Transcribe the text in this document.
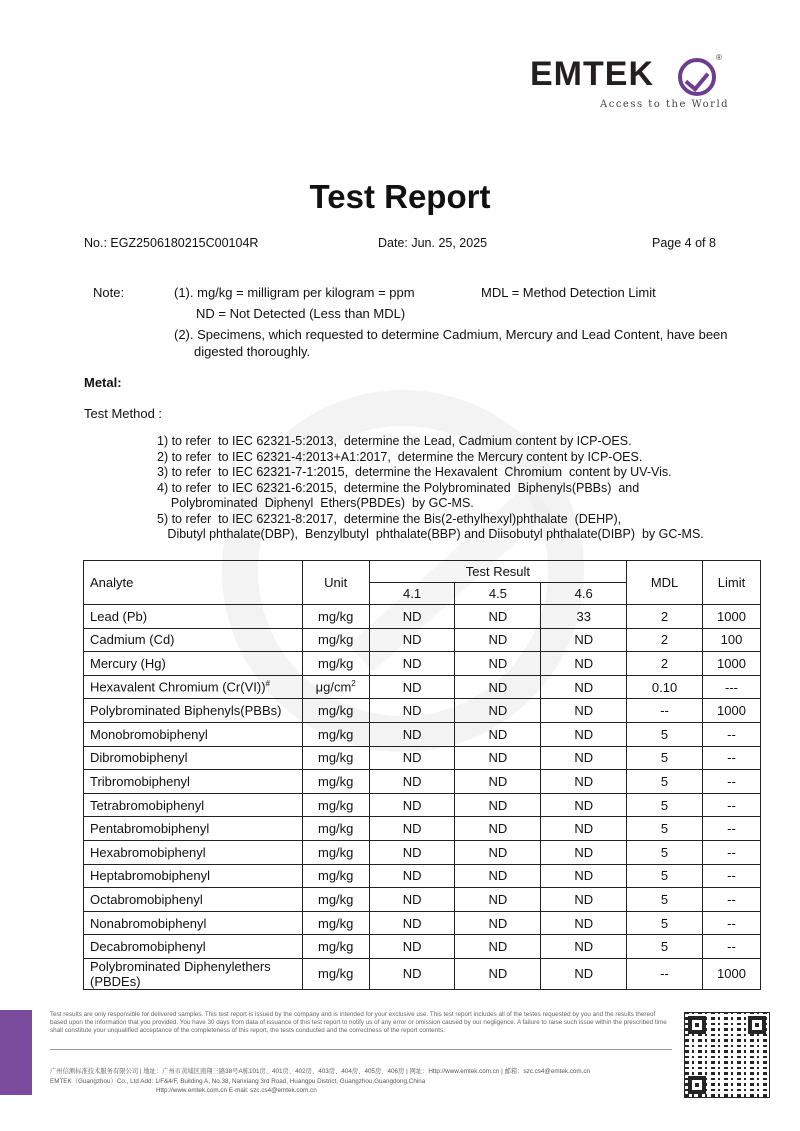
EMTEK	®
Access to the World
Test Report
No.: EGZ2506180215C00104R	Date: Jun. 25, 2025	Page 4 of 8
Note:	(1). mg/kg = milligram per kilogram = ppm	MDL = Method Detection Limit
ND = Not Detected (Less than MDL)
(2). Specimens, which requested to determine Cadmium, Mercury and Lead Content, have been
digested thoroughly.
Metal:
Test Method :
1) to refer  to IEC 62321-5:2013,  determine the Lead, Cadmium content by ICP-OES.
2) to refer  to IEC 62321-4:2013+A1:2017,  determine the Mercury content by ICP-OES.
3) to refer  to IEC 62321-7-1:2015,  determine the Hexavalent  Chromium  content by UV-Vis.
4) to refer  to IEC 62321-6:2015,  determine the Polybrominated  Biphenyls(PBBs)  and
Polybrominated  Diphenyl  Ethers(PBDEs)  by GC-MS.
5) to refer  to IEC 62321-8:2017,  determine the Bis(2-ethylhexyl)phthalate  (DEHP),
Dibutyl phthalate(DBP),  Benzylbutyl  phthalate(BBP) and Diisobutyl phthalate(DIBP)  by GC-MS.
Analyte	Unit	Test Result			MDL	Limit
		4.1	4.5	4.6		
Lead (Pb)	mg/kg	ND	ND	33	2	1000
Cadmium (Cd)	mg/kg	ND	ND	ND	2	100
Mercury (Hg)	mg/kg	ND	ND	ND	2	1000
Hexavalent Chromium (Cr(VI))#	$\mu g/cm^2$	ND	ND	ND	0.10	---
Polybrominated Biphenyls(PBBs)	mg/kg	ND	ND	ND	--	1000
Monobromobiphenyl	mg/kg	ND	ND	ND	5	--
Dibromobiphenyl	mg/kg	ND	ND	ND	5	--
Tribromobiphenyl	mg/kg	ND	ND	ND	5	--
Tetrabromobiphenyl	mg/kg	ND	ND	ND	5	--
Pentabromobiphenyl	mg/kg	ND	ND	ND	5	--
Hexabromobiphenyl	mg/kg	ND	ND	ND	5	--
Heptabromobiphenyl	mg/kg	ND	ND	ND	5	--
Octabromobiphenyl	mg/kg	ND	ND	ND	5	--
Nonabromobiphenyl	mg/kg	ND	ND	ND	5	--
Decabromobiphenyl	mg/kg	ND	ND	ND	5	--
Polybrominated Diphenylethers (PBDEs)	mg/kg	ND	ND	ND	--	1000
Test results are only responsible for delivered samples. This test report is issued by the company and is intended for your exclusive use. This test report includes all of the testes requested by you and the results thereof based upon the information that you provided. You have 30 days from data of issuance of this test report to notify us of any error or omission caused by our negligence. A failure to raise such issue within the prescribed time shall constitute your unqualified acceptance of the completeness of this report, the tests conducted and the correctness of the report contents.
广州信测标准技术服务有限公司 | 地址：广州市黄埔区南翔三路38号A栋101房、401房、402房、403房、404房、405房、406房 | 网址：Http://www.emtek.com.cn | 邮箱：szc.cs4@emtek.com.cn
EMTEK（Guangzhou）Co., Ltd Add: 1/F&4/F, Building A, No.38, Nanxiang 3rd Road, Huangpu District, Guangzhou,Guangdong,China
Http://www.emtek.com.cn E-mail: szc.cs4@emtek.com.cn
